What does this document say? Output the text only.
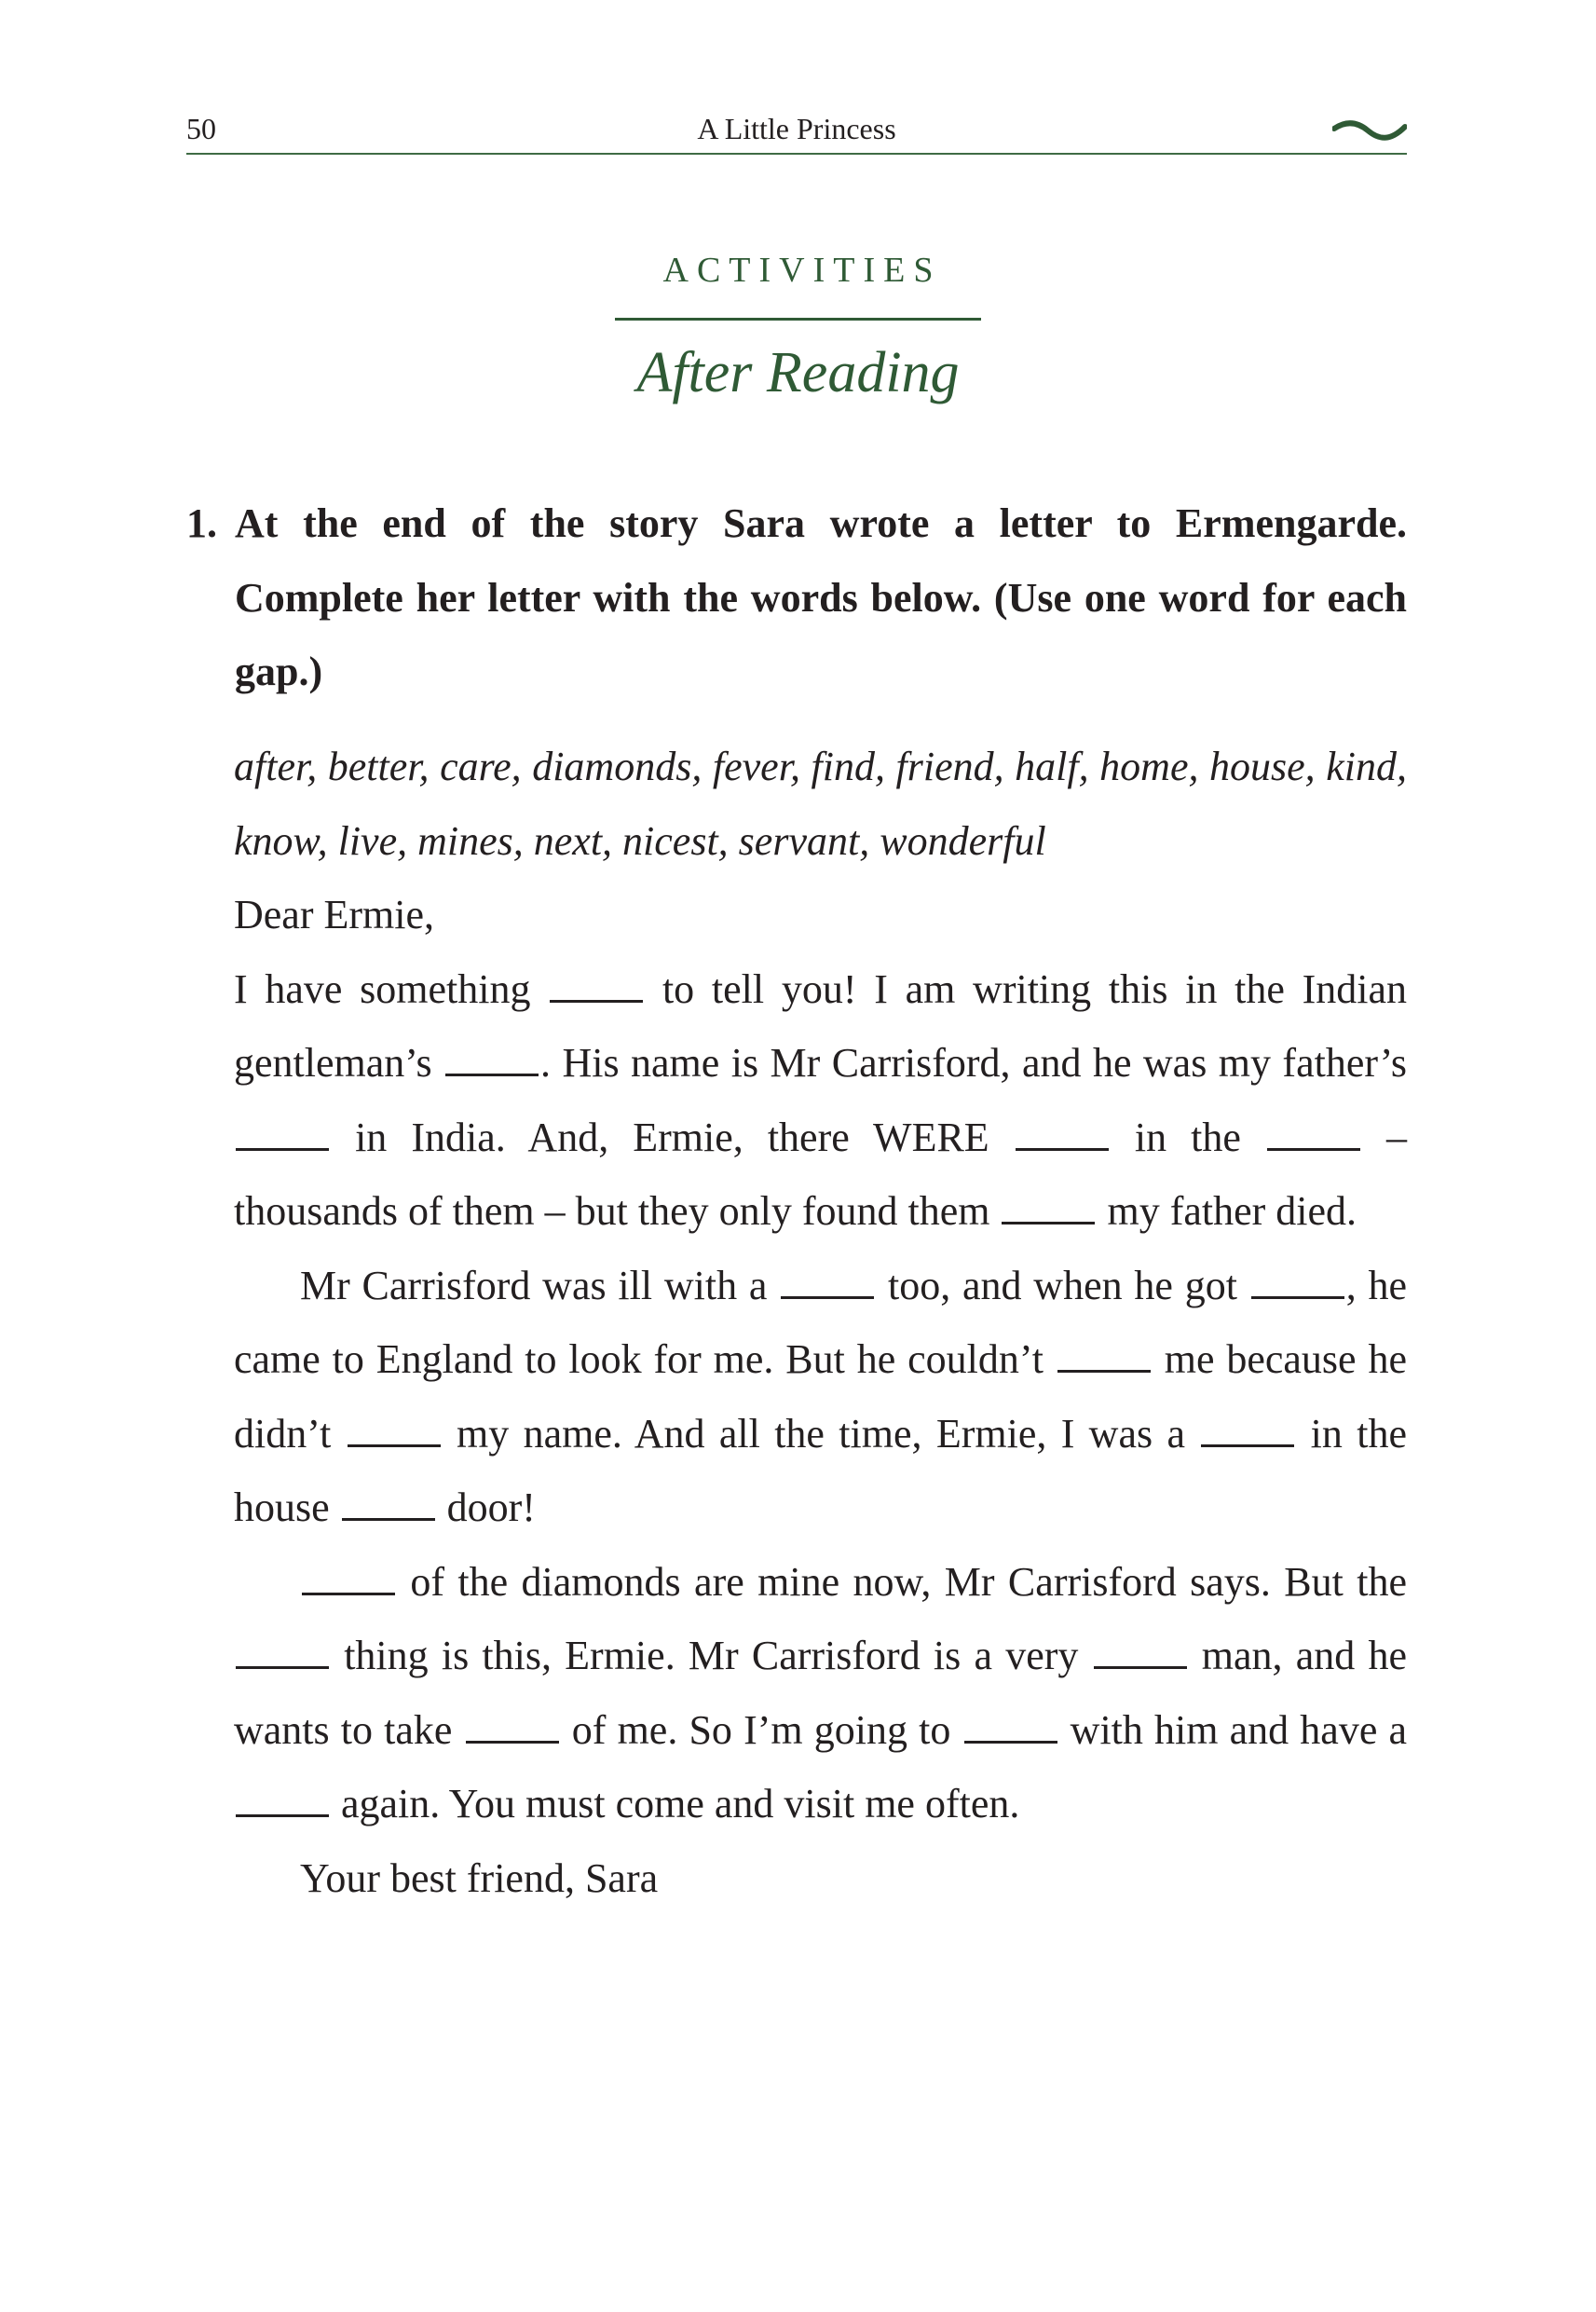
50	A Little Princess
ACTIVITIES
After Reading
1. At the end of the story Sara wrote a letter to Ermengarde. Complete her letter with the words below. (Use one word for each gap.)
after, better, care, diamonds, fever, find, friend, half, home, house, kind, know, live, mines, next, nicest, servant, wonderful
Dear Ermie,
I have something	to tell you! I am writing this in the Indian gentleman’s	. His name is Mr Carrisford, and he was my father’s  in India. And, Ermie, there WERE	in the	– thousands of them – but they only found them	my father died.
Mr Carrisford was ill with a	too, and when he got	, he came to England to look for me. But he couldn’t	me because he didn’t	my name. And all the time, Ermie, I was a	in the house	door!
of the diamonds are mine now, Mr Carrisford says. But the  thing is this, Ermie. Mr Carrisford is a very	man, and he wants to take	of me. So I’m going to	with him and have a  again. You must come and visit me often.
Your best friend, Sara
